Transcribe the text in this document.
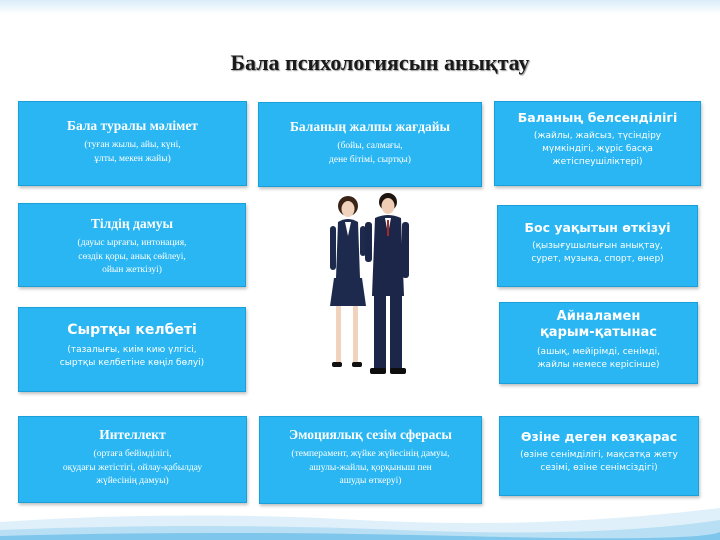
Бала психологиясын анықтау
Бала туралы мәлімет
(туған жылы, айы, күні,
ұлты, мекен жайы)
Баланың жалпы жағдайы
(бойы, салмағы,
дене бітімі, сыртқы)
Баланың белсенділігі
(жайлы, жайсыз, түсіндіру
мүмкіндігі, жұріс басқа
жетіспеушіліктері)
Тілдің дамуы
(дауыс ырғағы, интонация,
сөздік қоры, анық сөйлеуі,
ойын жеткізуі)
Бос уақытын өткізуі
(қызығушылығын анықтау,
сурет, музыка, спорт, өнер)
Сыртқы келбеті
(тазалығы, киім кию үлгісі,
сыртқы келбетіне көңіл бөлуі)
Айналамен
қарым-қатынас
(ашық, мейірімді, сенімді,
жайлы немесе керісінше)
Интеллект
(ортаға бейімділігі,
оқудағы жетістігі, ойлау-қабылдау
жүйесінің дамуы)
Эмоциялық сезім сферасы
(темперамент, жүйке жүйесінің дамуы,
ашулы-жайлы, қорқыныш пен
ашуды өткеруі)
Өзіне деген көзқарас
(өзіне сенімділігі, мақсатқа жету
сезімі, өзіне сенімсіздігі)
